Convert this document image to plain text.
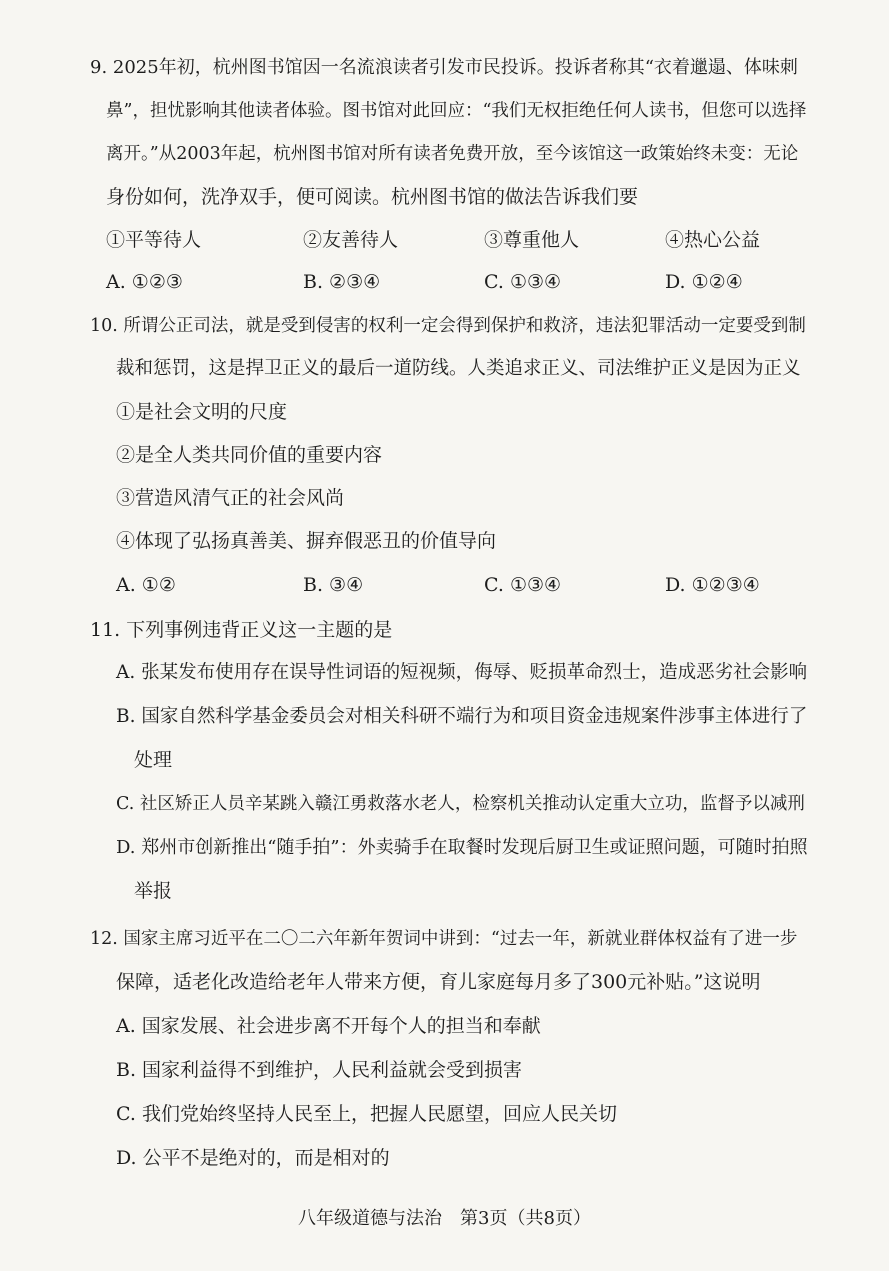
9. 2025年初，杭州图书馆因一名流浪读者引发市民投诉。投诉者称其“衣着邋遢、体味刺
鼻”，担忧影响其他读者体验。图书馆对此回应：“我们无权拒绝任何人读书，但您可以选择
离开。”从2003年起，杭州图书馆对所有读者免费开放，至今该馆这一政策始终未变：无论
身份如何，洗净双手，便可阅读。杭州图书馆的做法告诉我们要
①平等待人	②友善待人	③尊重他人	④热心公益
A. ①②③	B. ②③④	C. ①③④	D. ①②④
10. 所谓公正司法，就是受到侵害的权利一定会得到保护和救济，违法犯罪活动一定要受到制
裁和惩罚，这是捍卫正义的最后一道防线。人类追求正义、司法维护正义是因为正义
①是社会文明的尺度
②是全人类共同价值的重要内容
③营造风清气正的社会风尚
④体现了弘扬真善美、摒弃假恶丑的价值导向
A. ①②	B. ③④	C. ①③④	D. ①②③④
11. 下列事例违背正义这一主题的是
A. 张某发布使用存在误导性词语的短视频，侮辱、贬损革命烈士，造成恶劣社会影响
B. 国家自然科学基金委员会对相关科研不端行为和项目资金违规案件涉事主体进行了
处理
C. 社区矫正人员辛某跳入赣江勇救落水老人，检察机关推动认定重大立功，监督予以减刑
D. 郑州市创新推出“随手拍”：外卖骑手在取餐时发现后厨卫生或证照问题，可随时拍照
举报
12. 国家主席习近平在二〇二六年新年贺词中讲到：“过去一年，新就业群体权益有了进一步
保障，适老化改造给老年人带来方便，育儿家庭每月多了300元补贴。”这说明
A. 国家发展、社会进步离不开每个人的担当和奉献
B. 国家利益得不到维护，人民利益就会受到损害
C. 我们党始终坚持人民至上，把握人民愿望，回应人民关切
D. 公平不是绝对的，而是相对的
八年级道德与法治　第3页（共8页）
